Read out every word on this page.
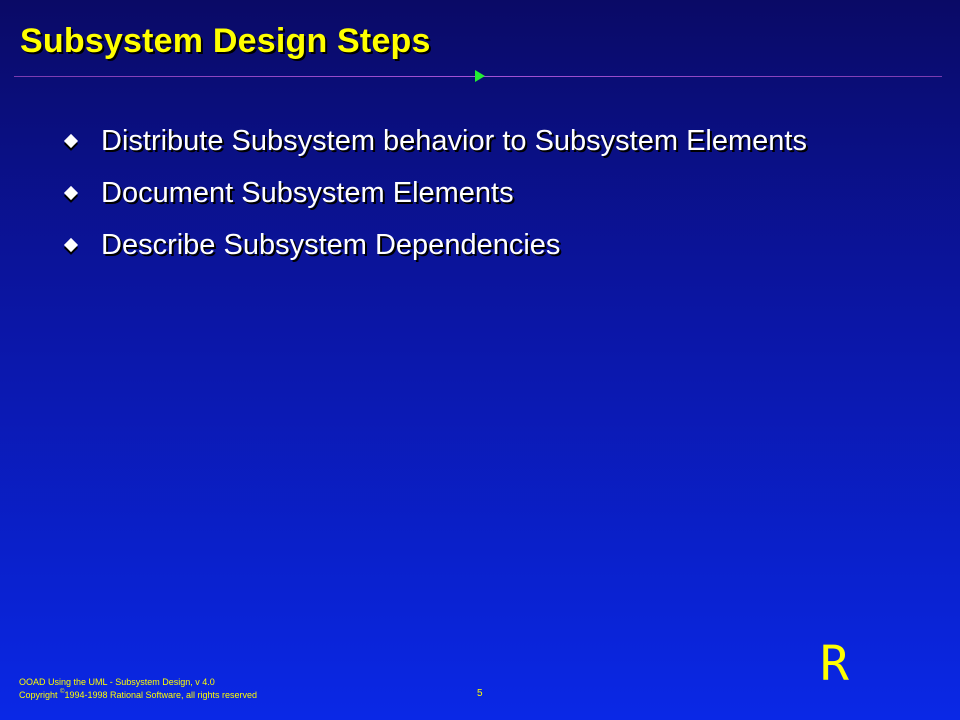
Subsystem Design Steps
Distribute Subsystem behavior to Subsystem Elements
Document Subsystem Elements
Describe Subsystem Dependencies
OOAD Using the UML - Subsystem Design, v 4.0
Copyright ©1994-1998 Rational Software, all rights reserved	5
R
